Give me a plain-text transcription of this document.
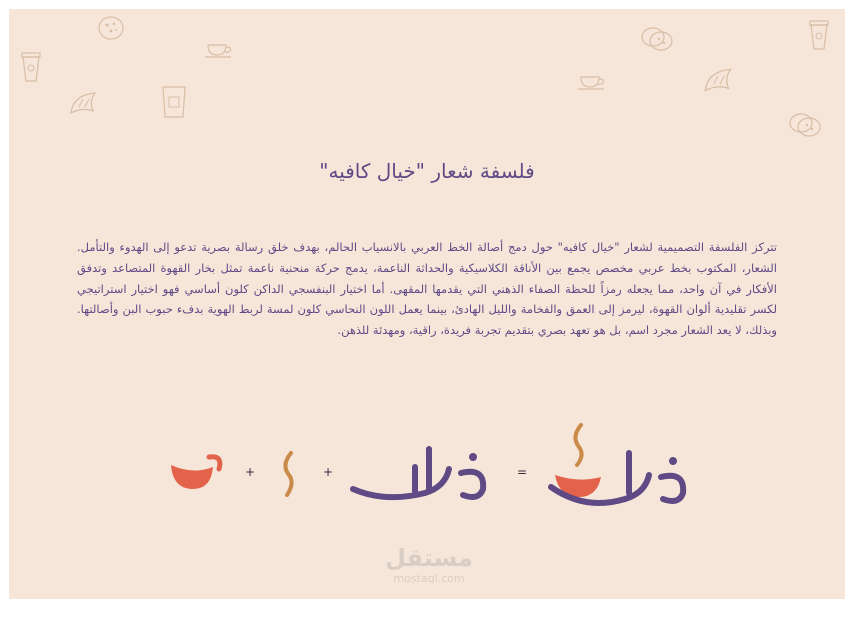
فلسفة شعار "خيال كافيه"
تتركز الفلسفة التصميمية لشعار "خيال كافيه" حول دمج أصالة الخط العربي بالانسياب الحالم، بهدف خلق رسالة بصرية تدعو إلى الهدوء والتأمل. الشعار، المكتوب بخط عربي مخصص يجمع بين الأناقة الكلاسيكية والحداثة الناعمة، يدمج حركة منحنية ناعمة تمثل بخار القهوة المتصاعد وتدفق الأفكار في آن واحد، مما يجعله رمزاً للحظة الصفاء الذهني التي يقدمها المقهى. أما اختيار البنفسجي الداكن كلون أساسي فهو اختيار استراتيجي لكسر تقليدية ألوان القهوة، ليرمز إلى العمق والفخامة والليل الهادئ، بينما يعمل اللون النحاسي كلون لمسة لربط الهوية بدفء حبوب البن وأصالتها. وبذلك، لا يعد الشعار مجرد اسم، بل هو تعهد بصري بتقديم تجربة فريدة، راقية، ومهدئة للذهن.
+	+	=
مستقل
mostaql.com
